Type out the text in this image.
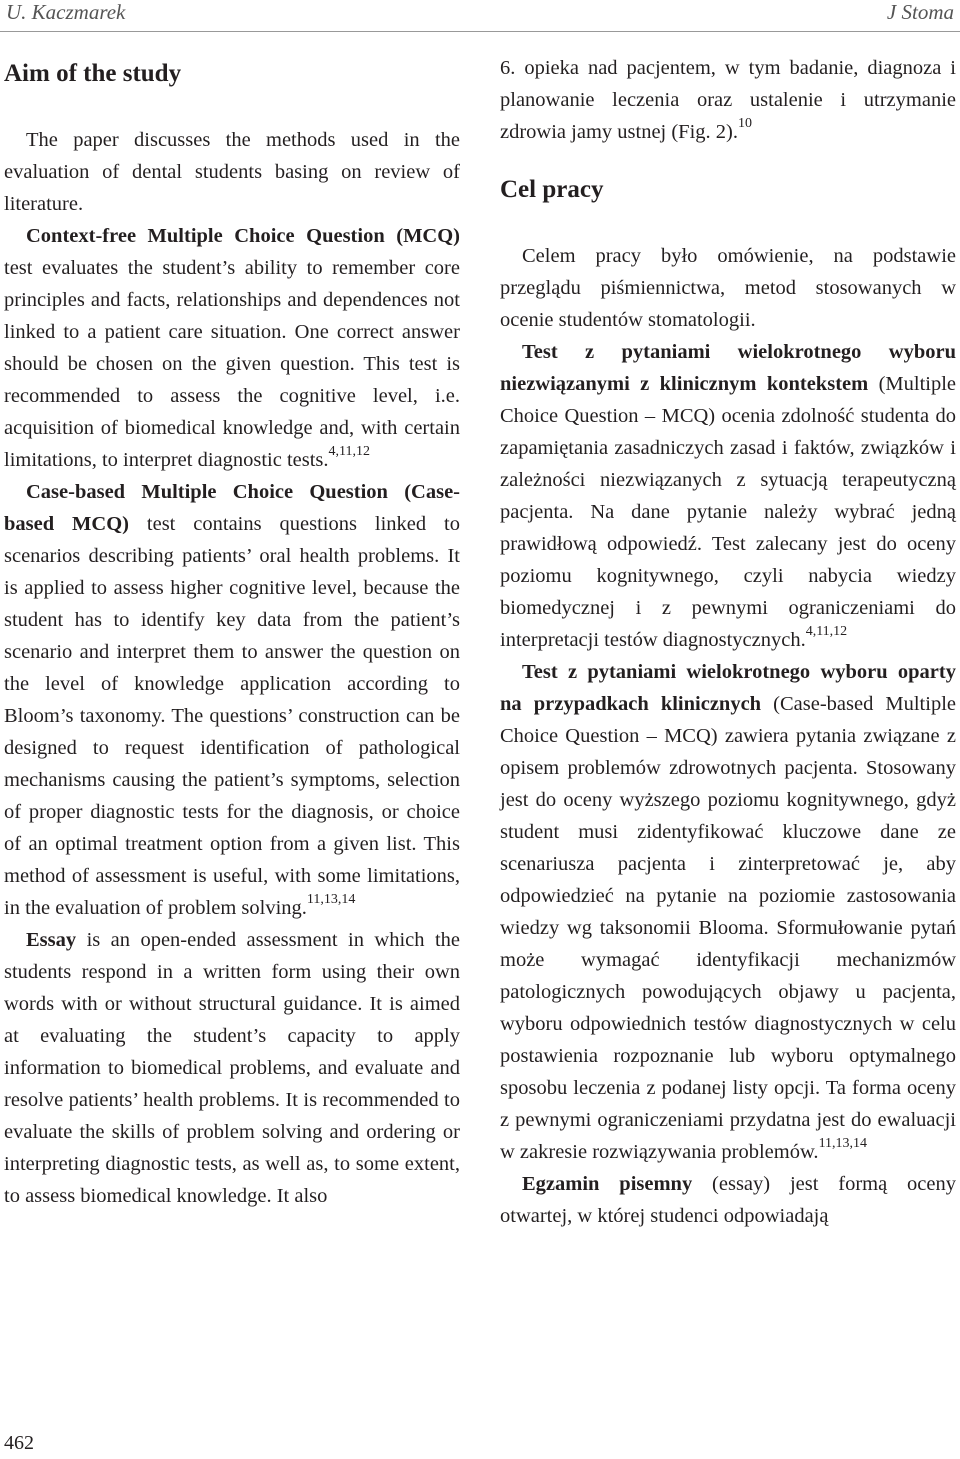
U. Kaczmarek	J Stoma
Aim of the study

The paper discusses the methods used in the evaluation of dental students basing on review of literature.

Context-free Multiple Choice Question (MCQ) test evaluates the student’s ability to remember core principles and facts, relationships and dependences not linked to a patient care situation. One correct answer should be chosen on the given question. This test is recommended to assess the cognitive level, i.e. acquisition of biomedical knowledge and, with certain limitations, to interpret diagnostic tests.$^{4,11,12}$

Case-based Multiple Choice Question (Case-based MCQ) test contains questions linked to scenarios describing patients’ oral health problems. It is applied to assess higher cognitive level, because the student has to identify key data from the patient’s scenario and interpret them to answer the question on the level of knowledge application according to Bloom’s taxonomy. The questions’ construction can be designed to request identification of pathological mechanisms causing the patient’s symptoms, selection of proper diagnostic tests for the diagnosis, or choice of an optimal treatment option from a given list. This method of assessment is useful, with some limitations, in the evaluation of problem solving.$^{11,13,14}$

Essay is an open-ended assessment in which the students respond in a written form using their own words with or without structural guidance. It is aimed at evaluating the student’s capacity to apply information to biomedical problems, and evaluate and resolve patients’ health problems. It is recommended to evaluate the skills of problem solving and ordering or interpreting diagnostic tests, as well as, to some extent, to assess biomedical knowledge. It also

6. opieka nad pacjentem, w tym badanie, diagnoza i planowanie leczenia oraz ustalenie i utrzymanie zdrowia jamy ustnej (Fig. 2).$^{10}$

Cel pracy

Celem pracy było omówienie, na podstawie przeglądu piśmiennictwa, metod stosowanych w ocenie studentów stomatologii.

Test z pytaniami wielokrotnego wyboru niezwiązanymi z klinicznym kontekstem (Multiple Choice Question – MCQ) ocenia zdolność studenta do zapamiętania zasadniczych zasad i faktów, związków i zależności niezwiązanych z sytuacją terapeutyczną pacjenta. Na dane pytanie należy wybrać jedną prawidłową odpowiedź. Test zalecany jest do oceny poziomu kognitywnego, czyli nabycia wiedzy biomedycznej i z pewnymi ograniczeniami do interpretacji testów diagnostycznych.$^{4,11,12}$

Test z pytaniami wielokrotnego wyboru oparty na przypadkach klinicznych (Case-based Multiple Choice Question – MCQ) zawiera pytania związane z opisem problemów zdrowotnych pacjenta. Stosowany jest do oceny wyższego poziomu kognitywnego, gdyż student musi zidentyfikować kluczowe dane ze scenariusza pacjenta i zinterpretować je, aby odpowiedzieć na pytanie na poziomie zastosowania wiedzy wg taksonomii Blooma. Sformułowanie pytań może wymagać identyfikacji mechanizmów patologicznych powodujących objawy u pacjenta, wyboru odpowiednich testów diagnostycznych w celu postawienia rozpoznanie lub wyboru optymalnego sposobu leczenia z podanej listy opcji. Ta forma oceny z pewnymi ograniczeniami przydatna jest do ewaluacji w zakresie rozwiązywania problemów.$^{11,13,14}$

Egzamin pisemny (essay) jest formą oceny otwartej, w której studenci odpowiadają

462
